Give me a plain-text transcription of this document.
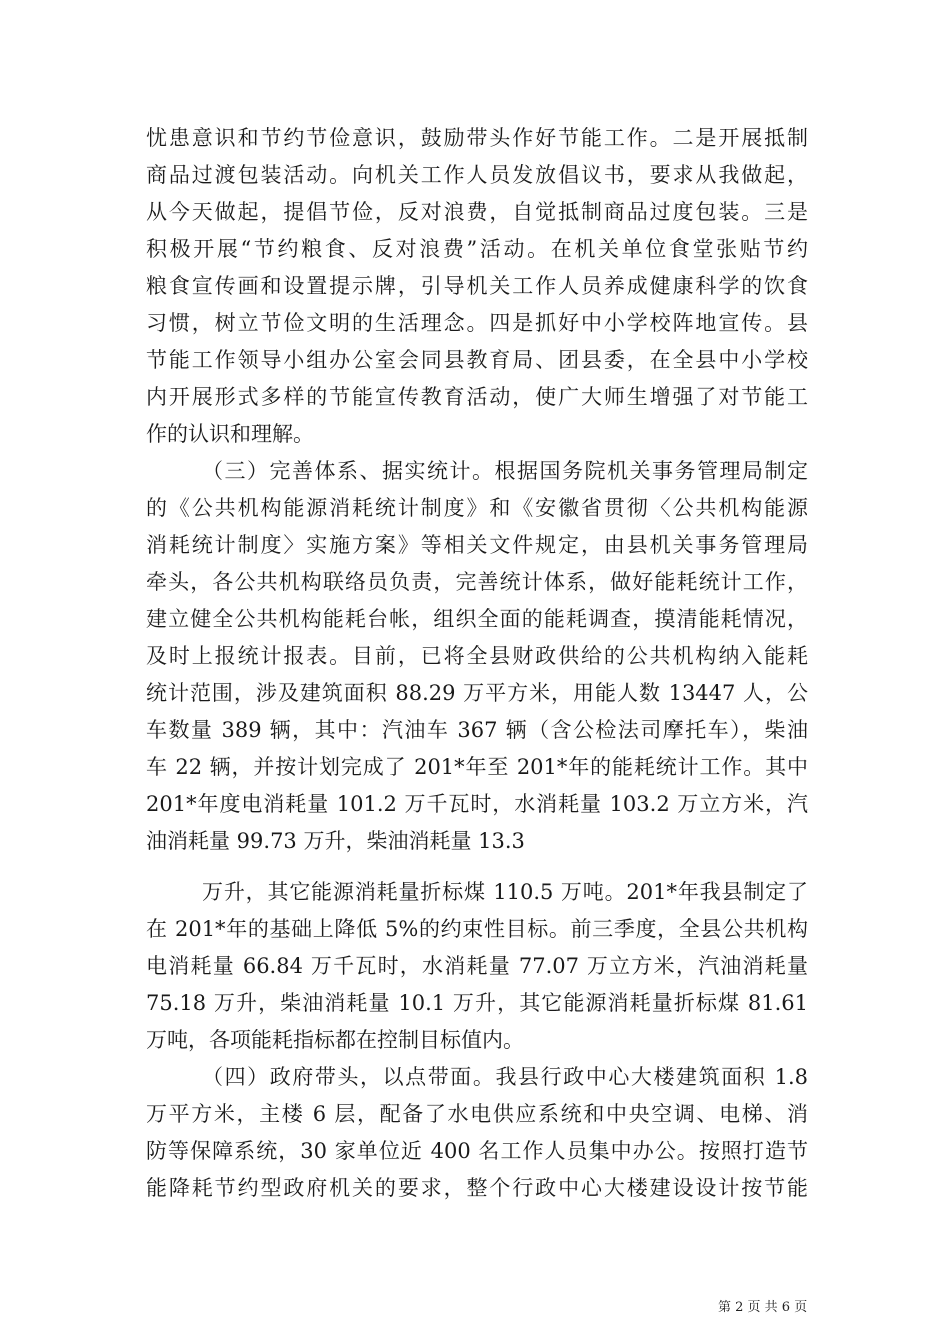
忧患意识和节约节俭意识，鼓励带头作好节能工作。二是开展抵制
商品过渡包装活动。向机关工作人员发放倡议书，要求从我做起，
从今天做起，提倡节俭，反对浪费，自觉抵制商品过度包装。三是
积极开展“节约粮食、反对浪费”活动。在机关单位食堂张贴节约
粮食宣传画和设置提示牌，引导机关工作人员养成健康科学的饮食
习惯，树立节俭文明的生活理念。四是抓好中小学校阵地宣传。县
节能工作领导小组办公室会同县教育局、团县委，在全县中小学校
内开展形式多样的节能宣传教育活动，使广大师生增强了对节能工
作的认识和理解。
（三）完善体系、据实统计。根据国务院机关事务管理局制定
的《公共机构能源消耗统计制度》和《安徽省贯彻〈公共机构能源
消耗统计制度〉实施方案》等相关文件规定，由县机关事务管理局
牵头，各公共机构联络员负责，完善统计体系，做好能耗统计工作，
建立健全公共机构能耗台帐，组织全面的能耗调查，摸清能耗情况，
及时上报统计报表。目前，已将全县财政供给的公共机构纳入能耗
统计范围，涉及建筑面积 88.29 万平方米，用能人数 13447 人，公
车数量 389 辆，其中：汽油车 367 辆（含公检法司摩托车），柴油
车 22 辆，并按计划完成了 201*年至 201*年的能耗统计工作。其中
201*年度电消耗量 101.2 万千瓦时，水消耗量 103.2 万立方米，汽
油消耗量 99.73 万升，柴油消耗量 13.3
万升，其它能源消耗量折标煤 110.5 万吨。201*年我县制定了
在 201*年的基础上降低 5%的约束性目标。前三季度，全县公共机构
电消耗量 66.84 万千瓦时，水消耗量 77.07 万立方米，汽油消耗量
75.18 万升，柴油消耗量 10.1 万升，其它能源消耗量折标煤 81.61
万吨，各项能耗指标都在控制目标值内。
（四）政府带头，以点带面。我县行政中心大楼建筑面积 1.8
万平方米，主楼 6 层，配备了水电供应系统和中央空调、电梯、消
防等保障系统，30 家单位近 400 名工作人员集中办公。按照打造节
能降耗节约型政府机关的要求，整个行政中心大楼建设设计按节能
第 2 页 共 6 页
